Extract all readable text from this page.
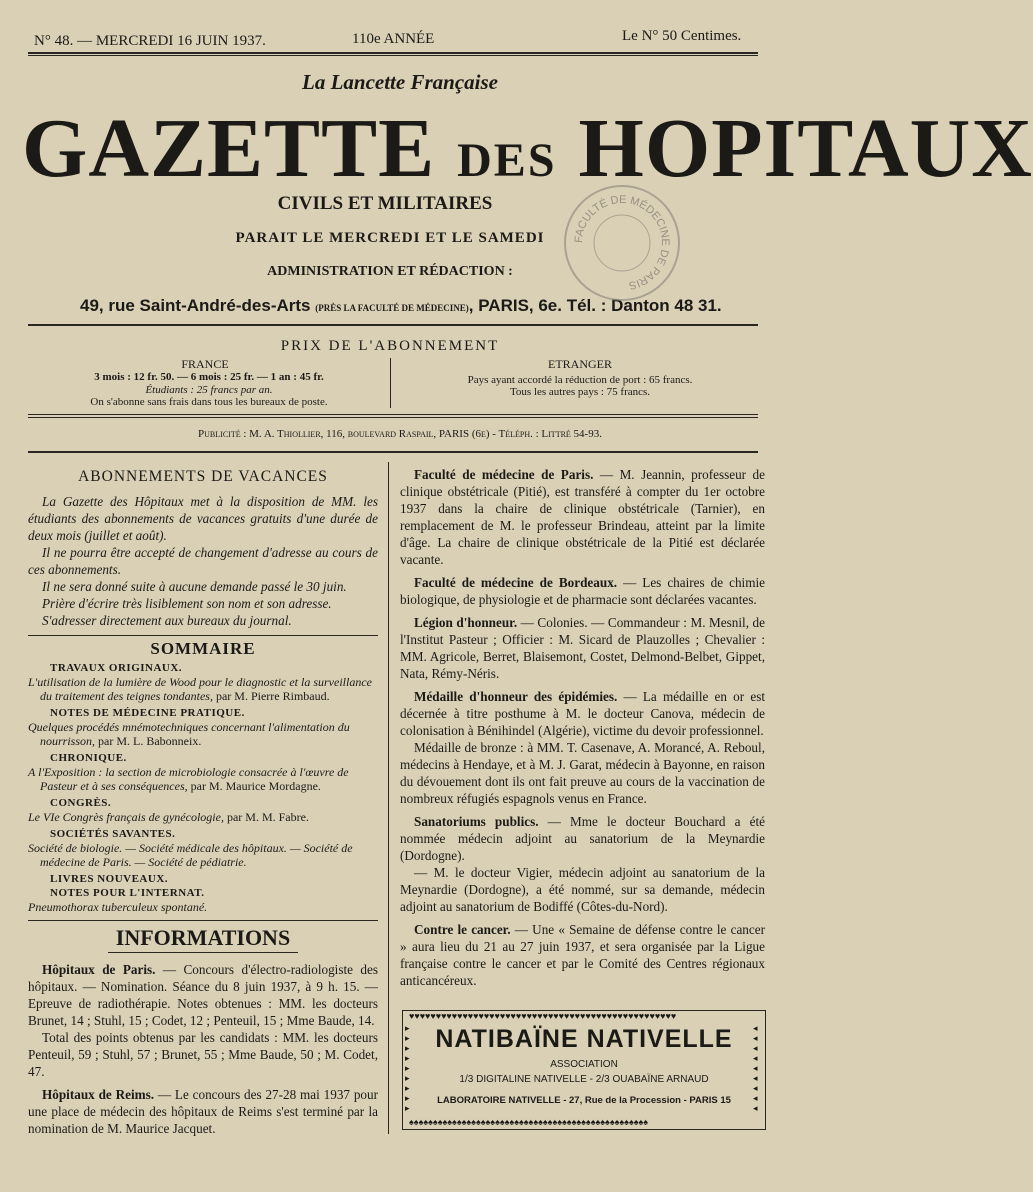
N° 48. — MERCREDI 16 JUIN 1937.	110e ANNÉE	Le N° 50 Centimes.
La Lancette Française
GAZETTE DES HOPITAUX
CIVILS ET MILITAIRES
PARAIT LE MERCREDI ET LE SAMEDI
ADMINISTRATION ET RÉDACTION :
49, rue Saint-André-des-Arts (PRÈS LA FACULTÉ DE MÉDECINE), PARIS, 6e. Tél. : Danton 48 31.
FACULTÉ DE MÉDECINE DE PARIS
PRIX DE L'ABONNEMENT
FRANCE
3 mois : 12 fr. 50. — 6 mois : 25 fr. — 1 an : 45 fr.
Étudiants : 25 francs par an.
On s'abonne sans frais dans tous les bureaux de poste.
ETRANGER
Pays ayant accordé la réduction de port : 65 francs.
Tous les autres pays : 75 francs.
Publicité : M. A. Thiollier, 116, boulevard Raspail, PARIS (6e) - Téléph. : Littré 54-93.
ABONNEMENTS DE VACANCES

La Gazette des Hôpitaux met à la disposition de MM. les étudiants des abonnements de vacances gratuits d'une durée de deux mois (juillet et août).

Il ne pourra être accepté de changement d'adresse au cours de ces abonnements.

Il ne sera donné suite à aucune demande passé le 30 juin.

Prière d'écrire très lisiblement son nom et son adresse.

S'adresser directement aux bureaux du journal.

SOMMAIRE
TRAVAUX ORIGINAUX.
L'utilisation de la lumière de Wood pour le diagnostic et la surveillance du traitement des teignes tondantes, par M. Pierre Rimbaud.
NOTES DE MÉDECINE PRATIQUE.
Quelques procédés mnémotechniques concernant l'alimentation du nourrisson, par M. L. Babonneix.
CHRONIQUE.
A l'Exposition : la section de microbiologie consacrée à l'œuvre de Pasteur et à ses conséquences, par M. Maurice Mordagne.
CONGRÈS.
Le VIe Congrès français de gynécologie, par M. M. Fabre.
SOCIÉTÉS SAVANTES.
Société de biologie. — Société médicale des hôpitaux. — Société de médecine de Paris. — Société de pédiatrie.
LIVRES NOUVEAUX.
NOTES POUR L'INTERNAT.
Pneumothorax tuberculeux spontané.
INFORMATIONS

Hôpitaux de Paris. — Concours d'électro-radiologiste des hôpitaux. — Nomination. Séance du 8 juin 1937, à 9 h. 15. — Epreuve de radiothérapie. Notes obtenues : MM. les docteurs Brunet, 14 ; Stuhl, 15 ; Codet, 12 ; Penteuil, 15 ; Mme Baude, 14.

Total des points obtenus par les candidats : MM. les docteurs Penteuil, 59 ; Stuhl, 57 ; Brunet, 55 ; Mme Baude, 50 ; M. Codet, 47.

Hôpitaux de Reims. — Le concours des 27-28 mai 1937 pour une place de médecin des hôpitaux de Reims s'est terminé par la nomination de M. Maurice Jacquet.

Faculté de médecine de Paris. — M. Jeannin, professeur de clinique obstétricale (Pitié), est transféré à compter du 1er octobre 1937 dans la chaire de clinique obstétricale (Tarnier), en remplacement de M. le professeur Brindeau, atteint par la limite d'âge. La chaire de clinique obstétricale de la Pitié est déclarée vacante.

Faculté de médecine de Bordeaux. — Les chaires de chimie biologique, de physiologie et de pharmacie sont déclarées vacantes.

Légion d'honneur. — Colonies. — Commandeur : M. Mesnil, de l'Institut Pasteur ; Officier : M. Sicard de Plauzolles ; Chevalier : MM. Agricole, Berret, Blaisemont, Costet, Delmond-Belbet, Gippet, Nata, Rémy-Néris.

Médaille d'honneur des épidémies. — La médaille en or est décernée à titre posthume à M. le docteur Canova, médecin de colonisation à Bénihindel (Algérie), victime du devoir professionnel.

Médaille de bronze : à MM. T. Casenave, A. Morancé, A. Reboul, médecins à Hendaye, et à M. J. Garat, médecin à Bayonne, en raison du dévouement dont ils ont fait preuve au cours de la vaccination de nombreux réfugiés espagnols venus en France.

Sanatoriums publics. — Mme le docteur Bouchard a été nommée médecin adjoint au sanatorium de la Meynardie (Dordogne).

— M. le docteur Vigier, médecin adjoint au sanatorium de la Meynardie (Dordogne), a été nommé, sur sa demande, médecin adjoint au sanatorium de Bodiffé (Côtes-du-Nord).

Contre le cancer. — Une « Semaine de défense contre le cancer » aura lieu du 21 au 27 juin 1937, et sera organisée par la Ligue française contre le cancer et par le Comité des Centres régionaux anticancéreux.

♥♥♥♥♥♥♥♥♥♥♥♥♥♥♥♥♥♥♥♥♥♥♥♥♥♥♥♥♥♥♥♥♥♥♥♥♥♥♥♥♥♥♥♥♥♥♥♥♥♥
▸
▸
▸
▸
▸
▸
▸
▸
▸
◂
◂
◂
◂
◂
◂
◂
◂
◂
NATIBAÏNE NATIVELLE
ASSOCIATION
1/3 DIGITALINE NATIVELLE - 2/3 OUABAÏNE ARNAUD
LABORATOIRE NATIVELLE - 27, Rue de la Procession - PARIS 15
♠♠♠♠♠♠♠♠♠♠♠♠♠♠♠♠♠♠♠♠♠♠♠♠♠♠♠♠♠♠♠♠♠♠♠♠♠♠♠♠♠♠♠♠♠♠♠♠♠♠
